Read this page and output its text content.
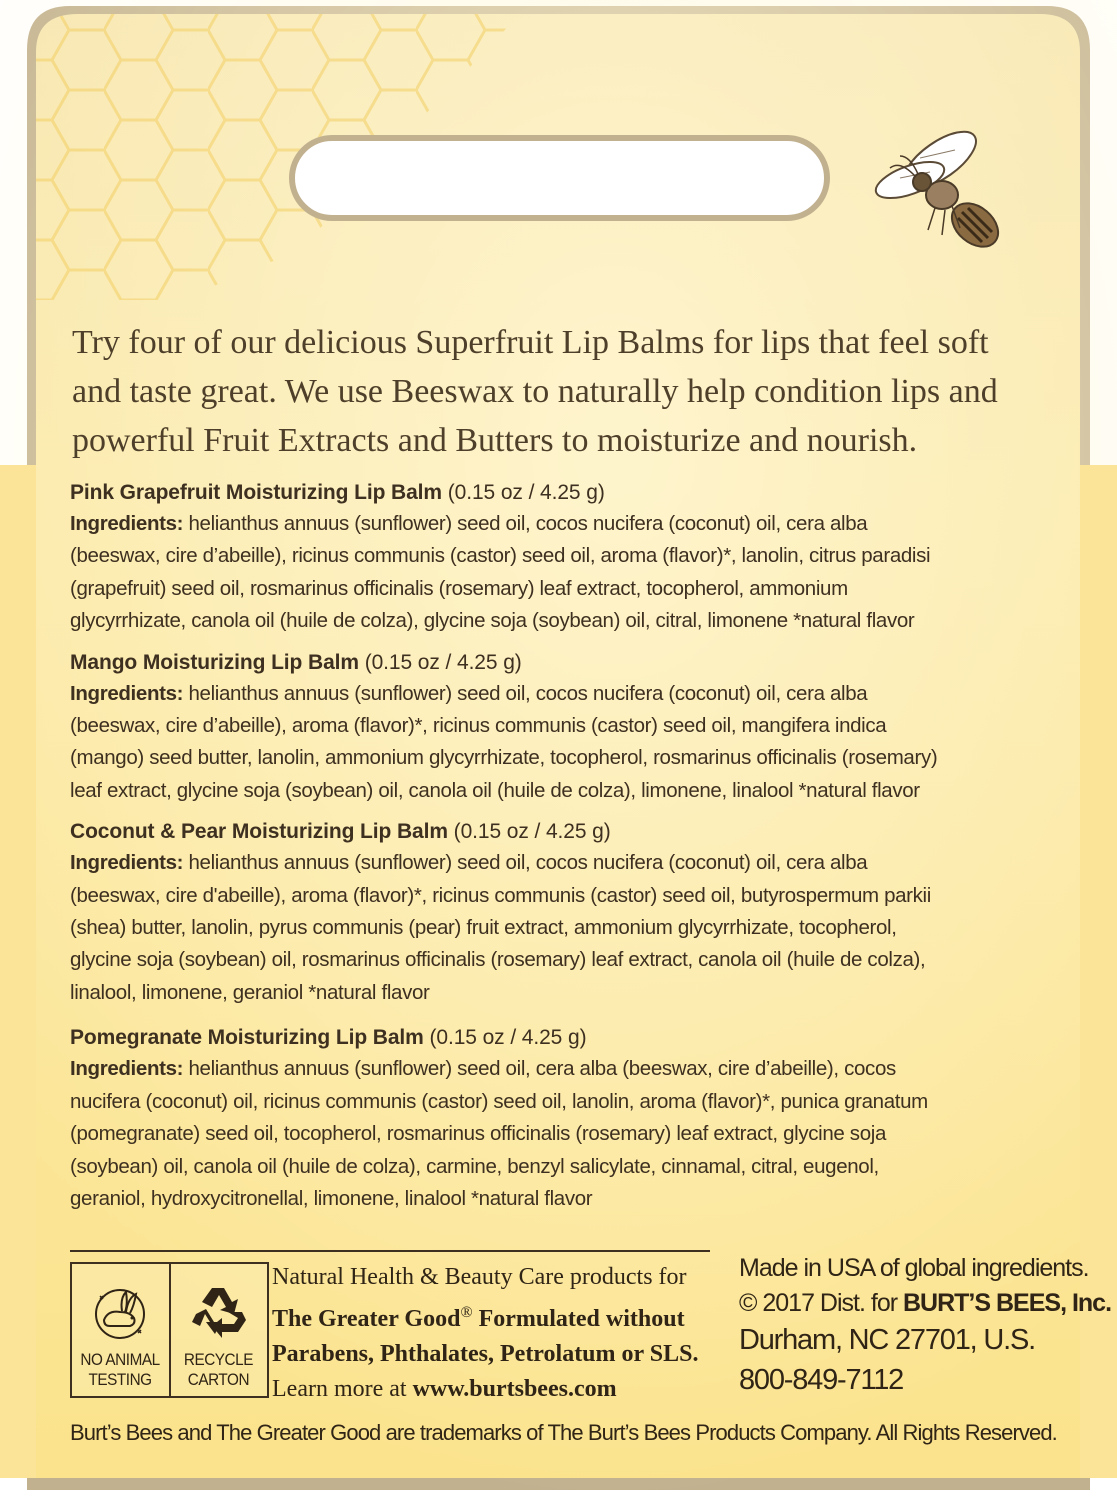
Try four of our delicious Superfruit Lip Balms for lips that feel soft
and taste great. We use Beeswax to naturally help condition lips and
powerful Fruit Extracts and Butters to moisturize and nourish.

Pink Grapefruit Moisturizing Lip Balm (0.15 oz / 4.25 g)

Ingredients: helianthus annuus (sunflower) seed oil, cocos nucifera (coconut) oil, cera alba
(beeswax, cire d’abeille), ricinus communis (castor) seed oil, aroma (flavor)*, lanolin, citrus paradisi
(grapefruit) seed oil, rosmarinus officinalis (rosemary) leaf extract, tocopherol, ammonium
glycyrrhizate, canola oil (huile de colza), glycine soja (soybean) oil, citral, limonene *natural flavor

Mango Moisturizing Lip Balm (0.15 oz / 4.25 g)

Ingredients: helianthus annuus (sunflower) seed oil, cocos nucifera (coconut) oil, cera alba
(beeswax, cire d’abeille), aroma (flavor)*, ricinus communis (castor) seed oil, mangifera indica
(mango) seed butter, lanolin, ammonium glycyrrhizate, tocopherol, rosmarinus officinalis (rosemary)
leaf extract, glycine soja (soybean) oil, canola oil (huile de colza), limonene, linalool *natural flavor

Coconut & Pear Moisturizing Lip Balm (0.15 oz / 4.25 g)

Ingredients: helianthus annuus (sunflower) seed oil, cocos nucifera (coconut) oil, cera alba
(beeswax, cire d'abeille), aroma (flavor)*, ricinus communis (castor) seed oil, butyrospermum parkii
(shea) butter, lanolin, pyrus communis (pear) fruit extract, ammonium glycyrrhizate, tocopherol,
glycine soja (soybean) oil, rosmarinus officinalis (rosemary) leaf extract, canola oil (huile de colza),
linalool, limonene, geraniol *natural flavor

Pomegranate Moisturizing Lip Balm (0.15 oz / 4.25 g)

Ingredients: helianthus annuus (sunflower) seed oil, cera alba (beeswax, cire d’abeille), cocos
nucifera (coconut) oil, ricinus communis (castor) seed oil, lanolin, aroma (flavor)*, punica granatum
(pomegranate) seed oil, tocopherol, rosmarinus officinalis (rosemary) leaf extract, glycine soja
(soybean) oil, canola oil (huile de colza), carmine, benzyl salicylate, cinnamal, citral, eugenol,
geraniol, hydroxycitronellal, limonene, linalool *natural flavor

NO ANIMAL
TESTING
RECYCLE
CARTON
Natural Health & Beauty Care products for
The Greater Good® Formulated without
Parabens, Phthalates, Petrolatum or SLS.
Learn more at www.burtsbees.com
Made in USA of global ingredients.
© 2017 Dist. for BURT’S BEES, Inc.
Durham, NC 27701, U.S.
800-849-7112
Burt’s Bees and The Greater Good are trademarks of The Burt’s Bees Products Company. All Rights Reserved.
